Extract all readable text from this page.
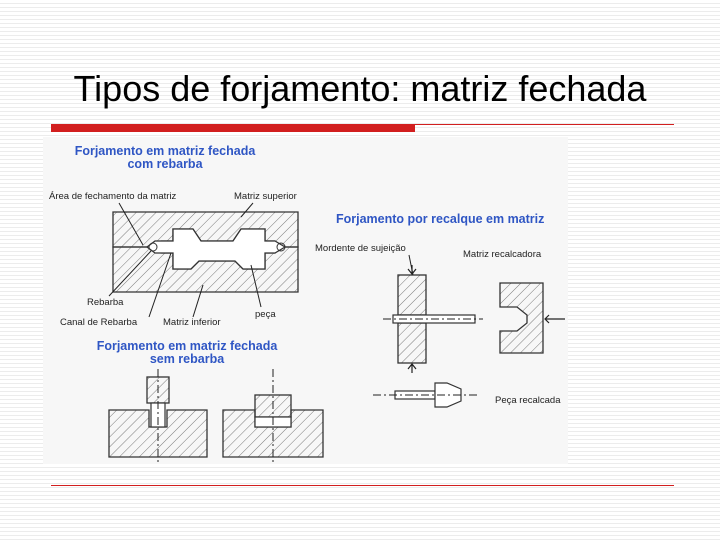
Tipos de forjamento: matriz fechada
Forjamento em matriz fechada
com rebarba
Área de fechamento da matriz	Matriz superior
Rebarba
Canal de Rebarba	Matriz inferior
peça
Forjamento em matriz fechada
sem rebarba
Forjamento por recalque em matriz
Mordente de sujeição
Matriz recalcadora
Peça recalcada
